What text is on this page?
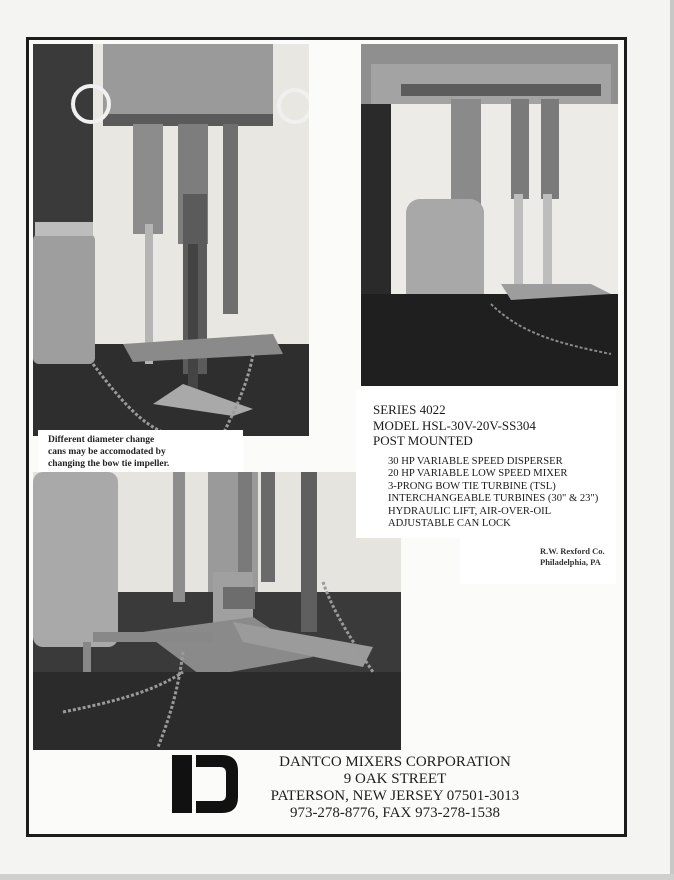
Different diameter change
cans may be accomodated by
changing the bow tie impeller.
SERIES 4022
MODEL HSL-30V-20V-SS304
POST MOUNTED
30 HP VARIABLE SPEED DISPERSER
20 HP VARIABLE LOW SPEED MIXER
3-PRONG BOW TIE TURBINE (TSL)
INTERCHANGEABLE TURBINES (30" & 23")
HYDRAULIC LIFT, AIR-OVER-OIL
ADJUSTABLE CAN LOCK
R.W. Rexford Co.
Philadelphia, PA
DANTCO MIXERS CORPORATION
9 OAK STREET
PATERSON, NEW JERSEY 07501-3013
973-278-8776, FAX 973-278-1538
